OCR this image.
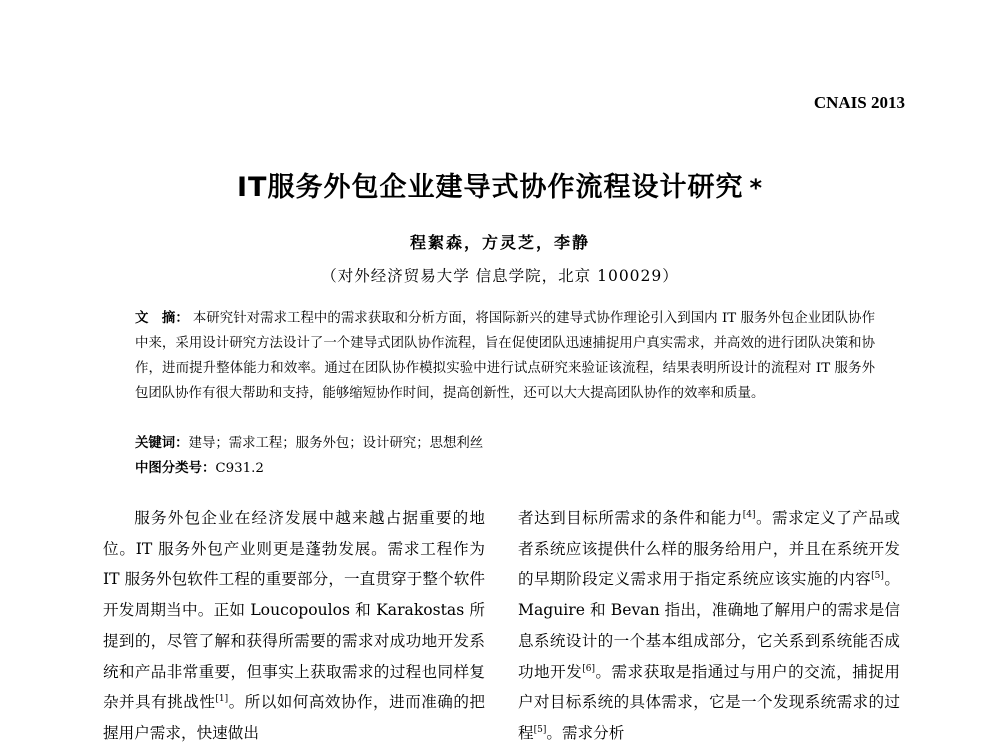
CNAIS 2013
IT服务外包企业建导式协作流程设计研究 *
程絮森，方灵芝，李静
（对外经济贸易大学 信息学院，北京 100029）
文　摘： 本研究针对需求工程中的需求获取和分析方面，将国际新兴的建导式协作理论引入到国内 IT 服务外包企业团队协作中来，采用设计研究方法设计了一个建导式团队协作流程，旨在促使团队迅速捕捉用户真实需求，并高效的进行团队决策和协作，进而提升整体能力和效率。通过在团队协作模拟实验中进行试点研究来验证该流程，结果表明所设计的流程对 IT 服务外包团队协作有很大帮助和支持，能够缩短协作时间，提高创新性，还可以大大提高团队协作的效率和质量。
关键词：建导；需求工程；服务外包；设计研究；思想利丝
中图分类号：C931.2

服务外包企业在经济发展中越来越占据重要的地位。IT 服务外包产业则更是蓬勃发展。需求工程作为 IT 服务外包软件工程的重要部分，一直贯穿于整个软件开发周期当中。正如 Loucopoulos 和 Karakostas 所提到的，尽管了解和获得所需要的需求对成功地开发系统和产品非常重要，但事实上获取需求的过程也同样复杂并具有挑战性[1]。所以如何高效协作，进而准确的把握用户需求，快速做出

者达到目标所需求的条件和能力[4]。需求定义了产品或者系统应该提供什么样的服务给用户，并且在系统开发的早期阶段定义需求用于指定系统应该实施的内容[5]。Maguire 和 Bevan 指出，准确地了解用户的需求是信息系统设计的一个基本组成部分，它关系到系统能否成功地开发[6]。需求获取是指通过与用户的交流，捕捉用户对目标系统的具体需求，它是一个发现系统需求的过程[5]。需求分析
